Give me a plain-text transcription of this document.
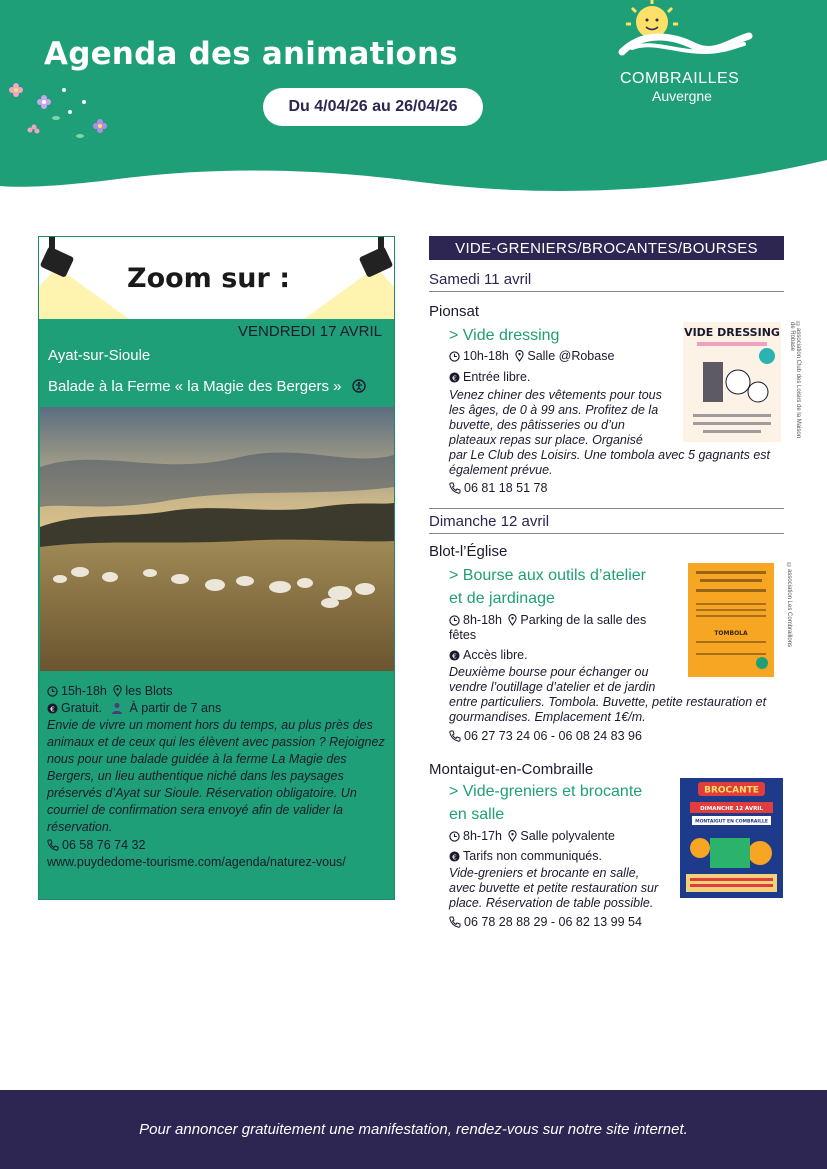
Agenda des animations
Du 4/04/26 au 26/04/26
COMBRAILLES
Auvergne
Zoom sur :
VENDREDI 17 AVRIL
Ayat-sur-Sioule
Balade à la Ferme « la Magie des Bergers »
15h-18h les Blots
€ Gratuit. À partir de 7 ans
Envie de vivre un moment hors du temps, au plus près des animaux et de ceux qui les élèvent avec passion ? Rejoignez nous pour une balade guidée à la ferme La Magie des Bergers, un lieu authentique niché dans les paysages préservés d’Ayat sur Sioule. Réservation obligatoire. Un courriel de confirmation sera envoyé afin de valider la réservation.
06 58 76 74 32
www.puydedome-tourisme.com/agenda/naturez-vous/
VIDE-GRENIERS/BROCANTES/BOURSES
Samedi 11 avril
Pionsat
> Vide dressing
10h-18h Salle @Robase
€ Entrée libre.
Venez chiner des vêtements pour tous
les âges, de 0 à 99 ans. Profitez de la
buvette, des pâtisseries ou d’un
plateaux repas sur place. Organisé
par Le Club des Loisirs. Une tombola avec 5 gagnants est
également prévue.
06 81 18 51 78
VIDE DRESSING	©association Club des Loisirs de la Maison de Robase
Dimanche 12 avril
Blot-l’Église
> Bourse aux outils d’atelier
et de jardinage
8h-18h Parking de la salle des
fêtes
€ Accès libre.
Deuxième bourse pour échanger ou
vendre l’outillage d’atelier et de jardin
entre particuliers. Tombola. Buvette, petite restauration et
gourmandises. Emplacement 1€/m.
06 27 73 24 06 - 06 08 24 83 96
TOMBOLA	©association Les Combraillons
Montaigut-en-Combraille
> Vide-greniers et brocante
en salle
8h-17h Salle polyvalente
€ Tarifs non communiqués.
Vide-greniers et brocante en salle,
avec buvette et petite restauration sur
place. Réservation de table possible.
06 78 28 88 29 - 06 82 13 99 54
BROCANTE
DIMANCHE 12 AVRIL
MONTAIGUT EN COMBRAILLE
Pour annoncer gratuitement une manifestation, rendez-vous sur notre site internet.
